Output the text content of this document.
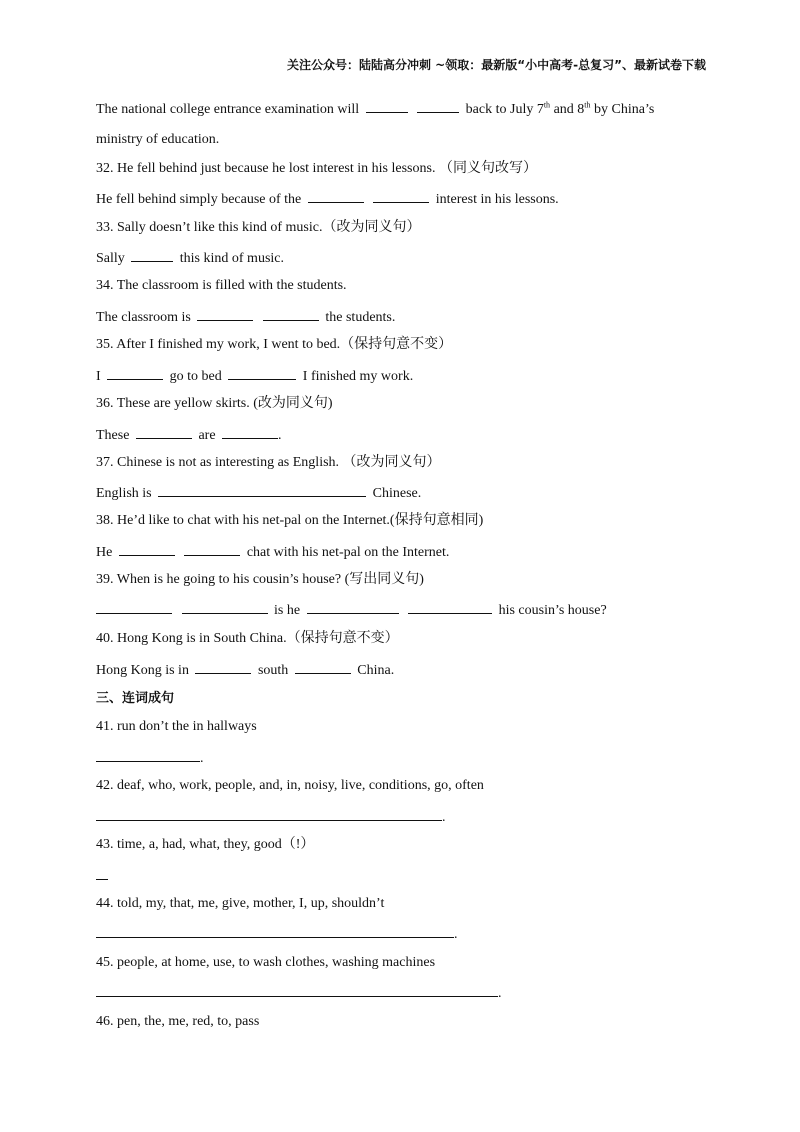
关注公众号：陆陆高分冲刺 ~领取：最新版“小中高考-总复习”、最新试卷下载
The national college entrance examination will	back to July 7th and 8th by China’s
ministry of education.
32. He fell behind just because he lost interest in his lessons. （同义句改写）
He fell behind simply because of the	interest in his lessons.
33. Sally doesn’t like this kind of music.（改为同义句）
Sally	this kind of music.
34. The classroom is filled with the students.
The classroom is	the students.
35. After I finished my work, I went to bed.（保持句意不变）
I	go to bed	I finished my work.
36. These are yellow skirts. (改为同义句)
These	are	.
37. Chinese is not as interesting as English. （改为同义句）
English is	Chinese.
38. He’d like to chat with his net-pal on the Internet.(保持句意相同)
He	chat with his net-pal on the Internet.
39. When is he going to his cousin’s house? (写出同义句)
is he	his cousin’s house?
40. Hong Kong is in South China.（保持句意不变）
Hong Kong is in	south	China.
三、连词成句
41. run don’t the in hallways
.
42. deaf, who, work, people, and, in, noisy, live, conditions, go, often
.
43. time, a, had, what, they, good（!）
44. told, my, that, me, give, mother, I, up, shouldn’t
.
45. people, at home, use, to wash clothes, washing machines
.
46. pen, the, me, red, to, pass
